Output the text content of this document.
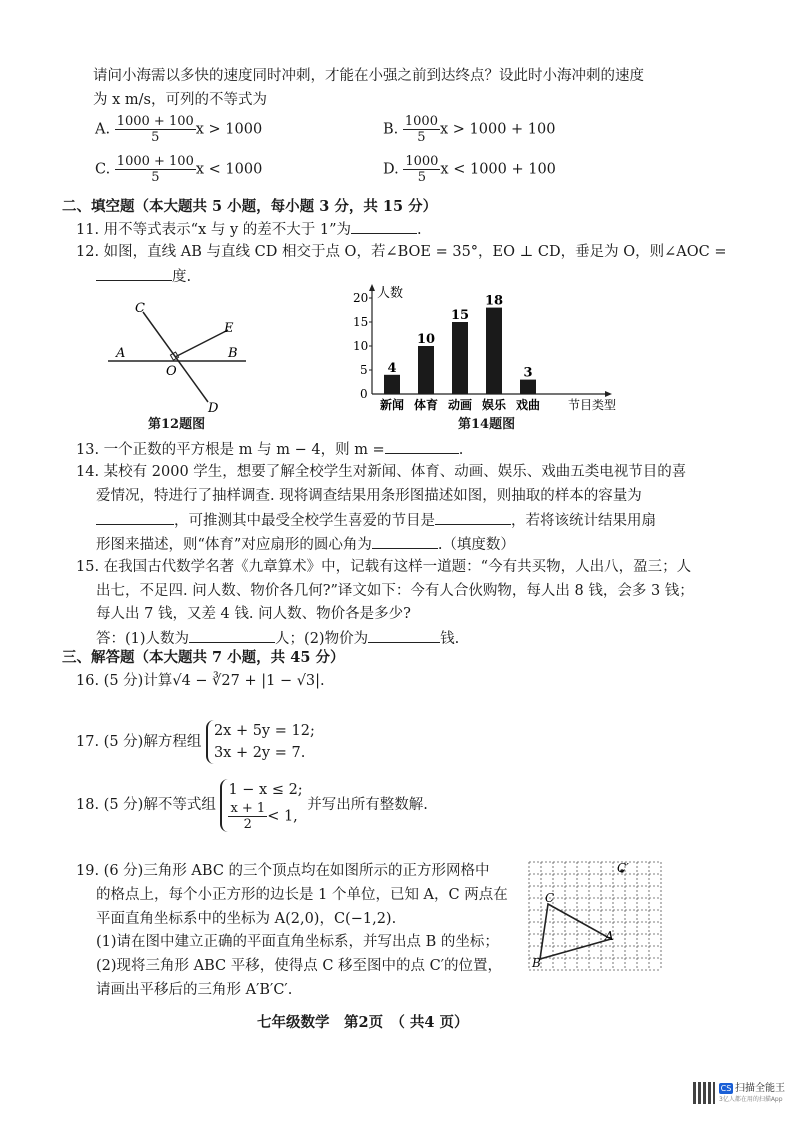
请问小海需以多快的速度同时冲刺，才能在小强之前到达终点？设此时小海冲刺的速度
为 x m/s，可列的不等式为
A. $\frac{1000 + 100}{5}$ x > 1000	B. $\frac{1000}{5}$ x > 1000 + 100
C. $\frac{1000 + 100}{5}$ x < 1000	D. $\frac{1000}{5}$ x < 1000 + 100
二、填空题（本大题共 5 小题，每小题 3 分，共 15 分）
11. 用不等式表示“x 与 y 的差不大于 1”为	.
12. 如图，直线 AB 与直线 CD 相交于点 O，若∠BOE = 35°，EO ⊥ CD，垂足为 O，则∠AOC =
度.
C
A	B
E
O
D
第12题图
人数
节目类型
0
5
10
15
20
4
新闻
10
体育
15
动画
18
娱乐
3
戏曲
第14题图
13. 一个正数的平方根是 m 与 m − 4，则 m =	.
14. 某校有 2000 学生，想要了解全校学生对新闻、体育、动画、娱乐、戏曲五类电视节目的喜
爱情况，特进行了抽样调查. 现将调查结果用条形图描述如图，则抽取的样本的容量为
，可推测其中最受全校学生喜爱的节目是	，若将该统计结果用扇
形图来描述，则“体育”对应扇形的圆心角为	.（填度数）
15. 在我国古代数学名著《九章算术》中，记载有这样一道题：“今有共买物，人出八，盈三；人
出七，不足四. 问人数、物价各几何?”译文如下：今有人合伙购物，每人出 8 钱，会多 3 钱；
每人出 7 钱，又差 4 钱. 问人数、物价各是多少?
答：(1)人数为	人；(2)物价为	钱.
三、解答题（本大题共 7 小题，共 45 分）
16. (5 分)计算√4 − ∛27 + |1 − √3|.
17. (5 分)解方程组
2x + 5y = 12;
3x + 2y = 7.
18. (5 分)解不等式组
1 − x ≤ 2;
$\frac{x + 1}{2} < 1$,
并写出所有整数解.
19. (6 分)三角形 ABC 的三个顶点均在如图所示的正方形网格中
的格点上，每个小正方形的边长是 1 个单位，已知 A，C 两点在
平面直角坐标系中的坐标为 A(2,0)，C(−1,2).
(1)请在图中建立正确的平面直角坐标系，并写出点 B 的坐标；
(2)现将三角形 ABC 平移，使得点 C 移至图中的点 C′的位置，
请画出平移后的三角形 A′B′C′.
C
A
B
C′
七年级数学　第2页　（ 共4 页）
CS 扫描全能王
3亿人都在用的扫描App
